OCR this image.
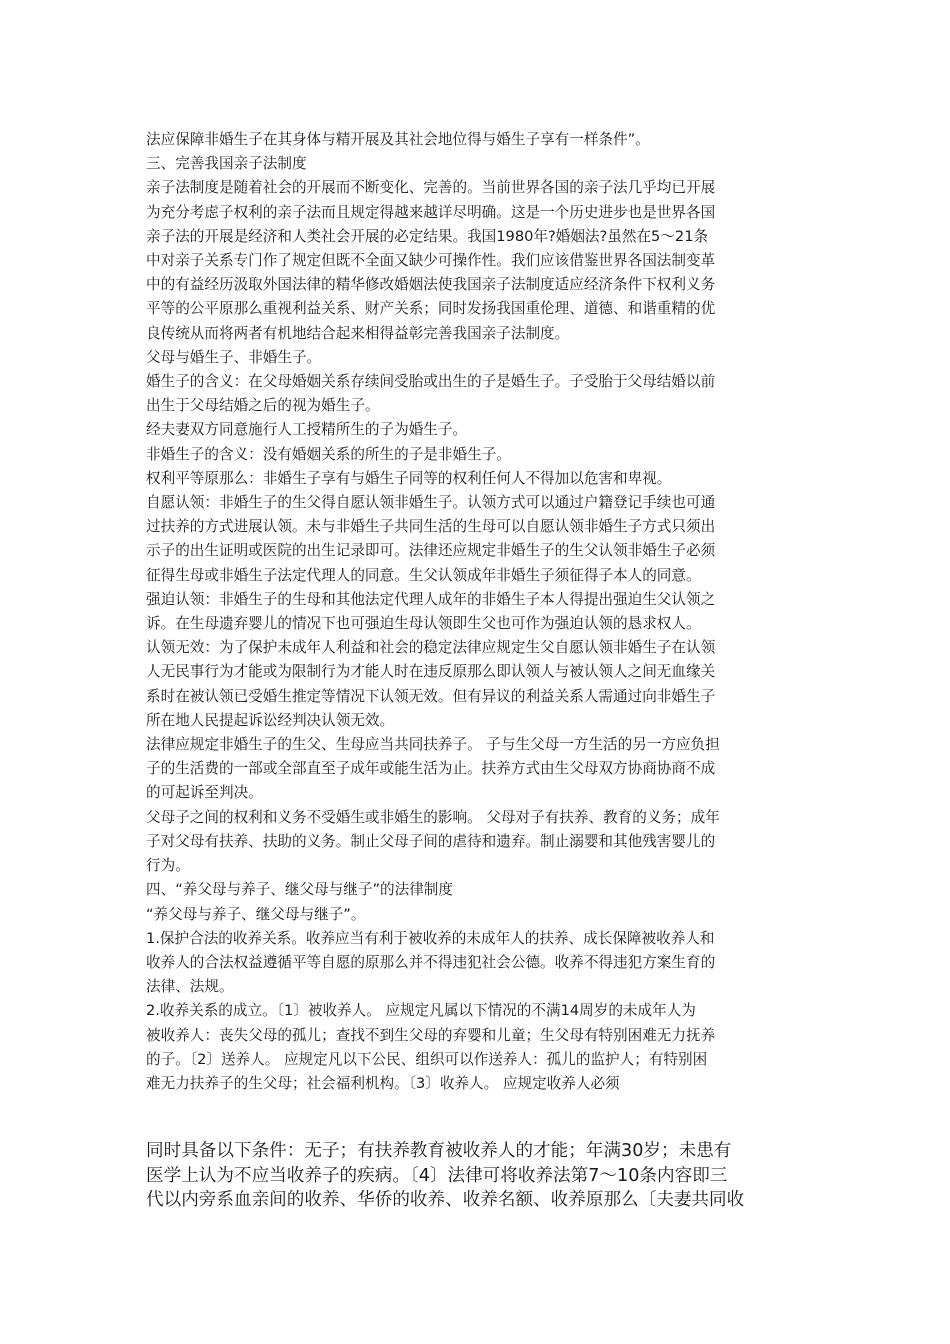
法应保障非婚生子在其身体与精开展及其社会地位得与婚生子享有一样条件”。
三、完善我国亲子法制度
亲子法制度是随着社会的开展而不断变化、完善的。当前世界各国的亲子法几乎均已开展
为充分考虑子权利的亲子法而且规定得越来越详尽明确。这是一个历史进步也是世界各国
亲子法的开展是经济和人类社会开展的必定结果。我国1980年?婚姻法?虽然在5～21条
中对亲子关系专门作了规定但既不全面又缺少可操作性。我们应该借鉴世界各国法制变革
中的有益经历汲取外国法律的精华修改婚姻法使我国亲子法制度适应经济条件下权利义务
平等的公平原那么重视利益关系、财产关系；同时发扬我国重伦理、道德、和谐重精的优
良传统从而将两者有机地结合起来相得益彰完善我国亲子法制度。
父母与婚生子、非婚生子。
婚生子的含义：在父母婚姻关系存续间受胎或出生的子是婚生子。子受胎于父母结婚以前
出生于父母结婚之后的视为婚生子。
经夫妻双方同意施行人工授精所生的子为婚生子。
非婚生子的含义：没有婚姻关系的所生的子是非婚生子。
权利平等原那么：非婚生子享有与婚生子同等的权利任何人不得加以危害和卑视。
自愿认领：非婚生子的生父得自愿认领非婚生子。认领方式可以通过户籍登记手续也可通
过扶养的方式进展认领。未与非婚生子共同生活的生母可以自愿认领非婚生子方式只须出
示子的出生证明或医院的出生记录即可。法律还应规定非婚生子的生父认领非婚生子必须
征得生母或非婚生子法定代理人的同意。生父认领成年非婚生子须征得子本人的同意。
强迫认领：非婚生子的生母和其他法定代理人成年的非婚生子本人得提出强迫生父认领之
诉。在生母遗弃婴儿的情况下也可强迫生母认领即生父也可作为强迫认领的恳求权人。
认领无效：为了保护未成年人利益和社会的稳定法律应规定生父自愿认领非婚生子在认领
人无民事行为才能或为限制行为才能人时在违反原那么即认领人与被认领人之间无血缘关
系时在被认领已受婚生推定等情况下认领无效。但有异议的利益关系人需通过向非婚生子
所在地人民提起诉讼经判决认领无效。
法律应规定非婚生子的生父、生母应当共同扶养子。 子与生父母一方生活的另一方应负担
子的生活费的一部或全部直至子成年或能生活为止。扶养方式由生父母双方协商协商不成
的可起诉至判决。
父母子之间的权利和义务不受婚生或非婚生的影响。 父母对子有扶养、教育的义务；成年
子对父母有扶养、扶助的义务。制止父母子间的虐待和遗弃。制止溺婴和其他残害婴儿的
行为。
四、“养父母与养子、继父母与继子”的法律制度
“养父母与养子、继父母与继子”。
1.保护合法的收养关系。收养应当有利于被收养的未成年人的扶养、成长保障被收养人和
收养人的合法权益遵循平等自愿的原那么并不得违犯社会公德。收养不得违犯方案生育的
法律、法规。
2.收养关系的成立。〔1〕被收养人。 应规定凡属以下情况的不满14周岁的未成年人为
被收养人：丧失父母的孤儿；查找不到生父母的弃婴和儿童；生父母有特别困难无力抚养
的子。〔2〕送养人。 应规定凡以下公民、组织可以作送养人：孤儿的监护人；有特别困
难无力扶养子的生父母；社会福利机构。〔3〕收养人。 应规定收养人必须
同时具备以下条件：无子；有扶养教育被收养人的才能；年满30岁；未患有
医学上认为不应当收养子的疾病。〔4〕法律可将收养法第7～10条内容即三
代以内旁系血亲间的收养、华侨的收养、收养名额、收养原那么〔夫妻共同收
